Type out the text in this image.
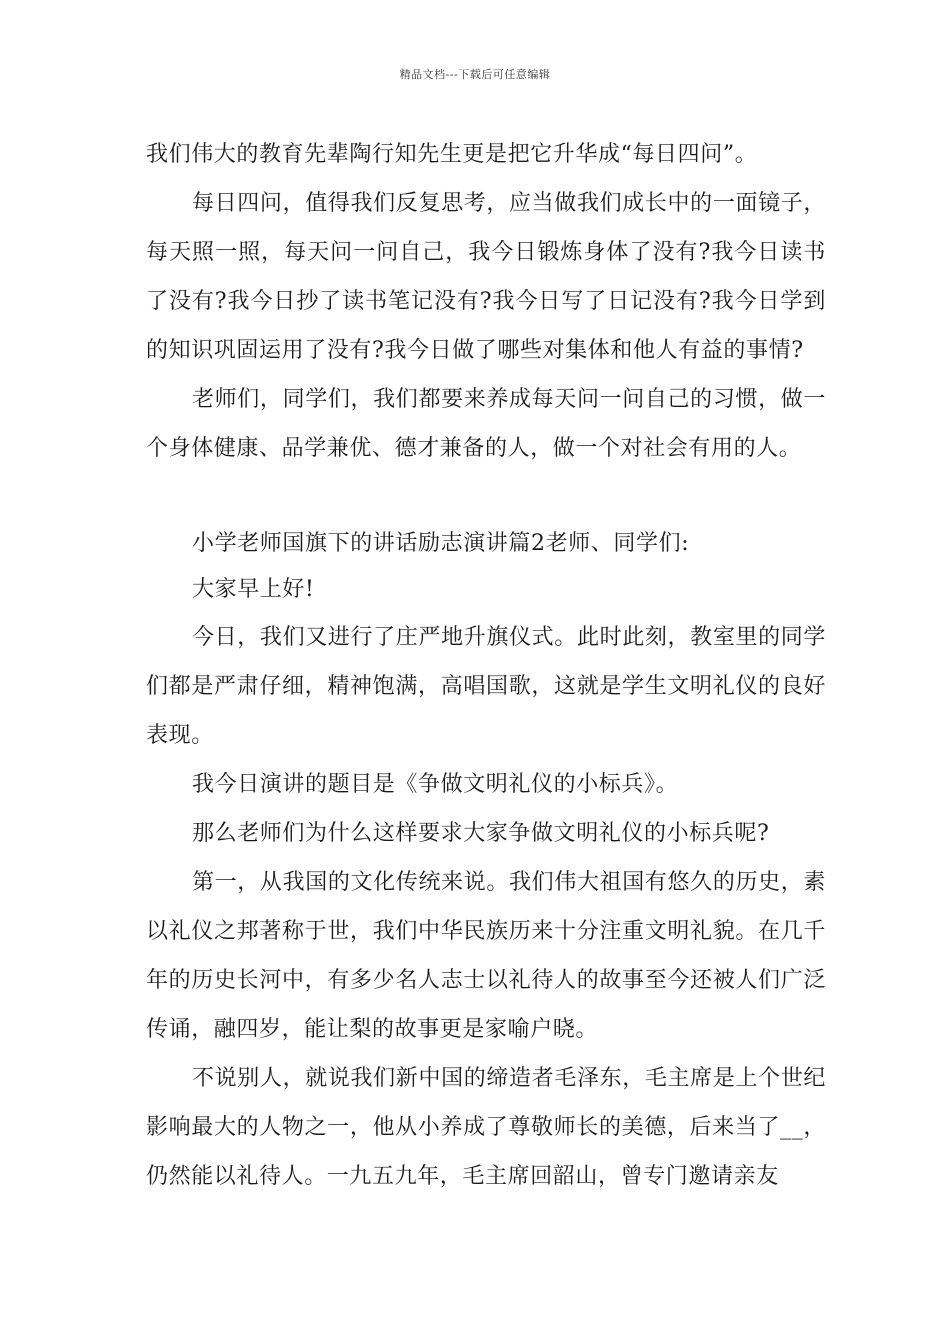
精品文档---下载后可任意编辑

我们伟大的教育先辈陶行知先生更是把它升华成“每日四问”。

每日四问，值得我们反复思考，应当做我们成长中的一面镜子，每天照一照，每天问一问自己，我今日锻炼身体了没有?我今日读书了没有?我今日抄了读书笔记没有?我今日写了日记没有?我今日学到的知识巩固运用了没有?我今日做了哪些对集体和他人有益的事情?

老师们，同学们，我们都要来养成每天问一问自己的习惯，做一个身体健康、品学兼优、德才兼备的人，做一个对社会有用的人。

小学老师国旗下的讲话励志演讲篇2老师、同学们:

大家早上好!

今日，我们又进行了庄严地升旗仪式。此时此刻，教室里的同学们都是严肃仔细，精神饱满，高唱国歌，这就是学生文明礼仪的良好表现。

我今日演讲的题目是《争做文明礼仪的小标兵》。

那么老师们为什么这样要求大家争做文明礼仪的小标兵呢?

第一，从我国的文化传统来说。我们伟大祖国有悠久的历史，素以礼仪之邦著称于世，我们中华民族历来十分注重文明礼貌。在几千年的历史长河中，有多少名人志士以礼待人的故事至今还被人们广泛传诵，融四岁，能让梨的故事更是家喻户晓。

不说别人，就说我们新中国的缔造者毛泽东，毛主席是上个世纪影响最大的人物之一，他从小养成了尊敬师长的美德，后来当了__，仍然能以礼待人。一九五九年，毛主席回韶山，曾专门邀请亲友
